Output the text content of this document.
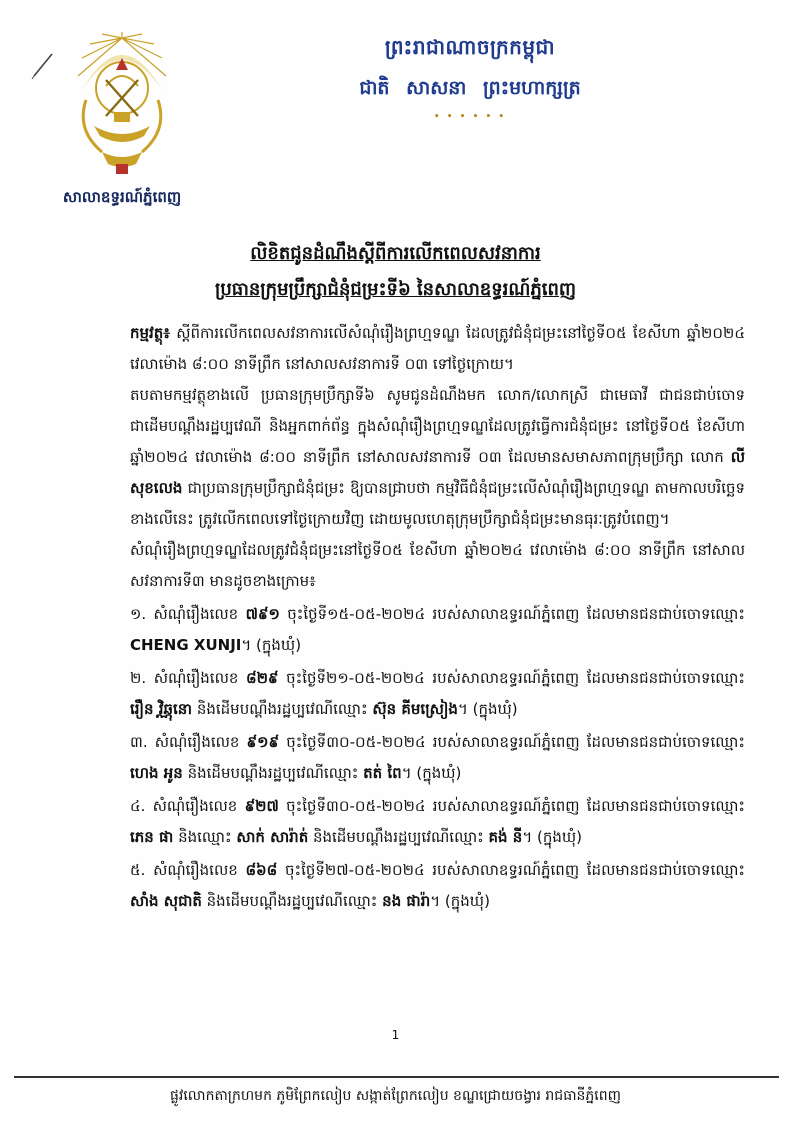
សាលាឧទ្ធរណ៍ភ្នំពេញ
ព្រះរាជាណាចក្រកម្ពុជា
ជាតិ សាសនា ព្រះមហាក្សត្រ
• • • • • •
លិខិតជូនដំណឹងស្ដីពីការលើកពេលសវនាការ
ប្រធានក្រុមប្រឹក្សាជំនុំជម្រះទី៦ នៃសាលាឧទ្ធរណ៍ភ្នំពេញ

កម្មវត្ថុ៖ ស្ដីពីការលើកពេលសវនាការលើសំណុំរឿងព្រហ្មទណ្ឌ ដែលត្រូវជំនុំជម្រះនៅថ្ងៃទី០៥ ខែសីហា ឆ្នាំ២០២៤ វេលាម៉ោង ៨:០០ នាទីព្រឹក នៅសាលសវនាការទី ០៣ ទៅថ្ងៃក្រោយ។

តបតាមកម្មវត្ថុខាងលើ ប្រធានក្រុមប្រឹក្សាទី៦ សូមជូនដំណឹងមក លោក/លោកស្រី ជាមេធាវី ជាជនជាប់ចោទ ជាដើមបណ្ដឹងរដ្ឋប្បវេណី និងអ្នកពាក់ព័ន្ធ ក្នុងសំណុំរឿងព្រហ្មទណ្ឌដែលត្រូវធ្វើការជំនុំជម្រះ នៅថ្ងៃទី០៥ ខែសីហា ឆ្នាំ២០២៤ វេលាម៉ោង ៨:០០ នាទីព្រឹក នៅសាលសវនាការទី ០៣ ដែលមានសមាសភាពក្រុមប្រឹក្សា លោក លី សុខលេង ជាប្រធានក្រុមប្រឹក្សាជំនុំជម្រះ ឱ្យបានជ្រាបថា កម្មវិធីជំនុំជម្រះលើសំណុំរឿងព្រហ្មទណ្ឌ តាមកាលបរិច្ឆេទខាងលើនេះ ត្រូវលើកពេលទៅថ្ងៃក្រោយវិញ ដោយមូលហេតុក្រុមប្រឹក្សាជំនុំជម្រះមានធុរៈត្រូវបំពេញ។

សំណុំរឿងព្រហ្មទណ្ឌដែលត្រូវជំនុំជម្រះនៅថ្ងៃទី០៥ ខែសីហា ឆ្នាំ២០២៤ វេលាម៉ោង ៨:០០ នាទីព្រឹក នៅសាលសវនាការទី៣ មានដូចខាងក្រោម៖

១. សំណុំរឿងលេខ ៧៩១ ចុះថ្ងៃទី១៥-០៥-២០២៤ របស់សាលាឧទ្ធរណ៍ភ្នំពេញ ដែលមានជនជាប់ចោទឈ្មោះ CHENG XUNJI។ (ក្នុងឃុំ)

២. សំណុំរឿងលេខ ៨២៩ ចុះថ្ងៃទី២១-០៥-២០២៤ របស់សាលាឧទ្ធរណ៍ភ្នំពេញ ដែលមានជនជាប់ចោទឈ្មោះ រឿន វិឆ្ណុនោ និងដើមបណ្ដឹងរដ្ឋប្បវេណីឈ្មោះ ស៊ុន គីមស្រៀង។ (ក្នុងឃុំ)

៣. សំណុំរឿងលេខ ៩១៩ ចុះថ្ងៃទី៣០-០៥-២០២៤ របស់សាលាឧទ្ធរណ៍ភ្នំពេញ ដែលមានជនជាប់ចោទឈ្មោះ ហេង អូន និងដើមបណ្ដឹងរដ្ឋប្បវេណីឈ្មោះ តត់ ពៃ។ (ក្នុងឃុំ)

៤. សំណុំរឿងលេខ ៩២៧ ចុះថ្ងៃទី៣០-០៥-២០២៤ របស់សាលាឧទ្ធរណ៍ភ្នំពេញ ដែលមានជនជាប់ចោទឈ្មោះ ភេន ផា និងឈ្មោះ សាក់ សារ៉ាត់ និងដើមបណ្ដឹងរដ្ឋប្បវេណីឈ្មោះ គង់ នី។ (ក្នុងឃុំ)

៥. សំណុំរឿងលេខ ៨៦៨ ចុះថ្ងៃទី២៧-០៥-២០២៤ របស់សាលាឧទ្ធរណ៍ភ្នំពេញ ដែលមានជនជាប់ចោទឈ្មោះ សាំង សុជាតិ និងដើមបណ្ដឹងរដ្ឋប្បវេណីឈ្មោះ នង ផារ៉ា។ (ក្នុងឃុំ)

1
ផ្លូវលោកតាក្រហមក ភូមិព្រែកលៀប សង្កាត់ព្រែកលៀប ខណ្ឌជ្រោយចង្វារ រាជធានីភ្នំពេញ
